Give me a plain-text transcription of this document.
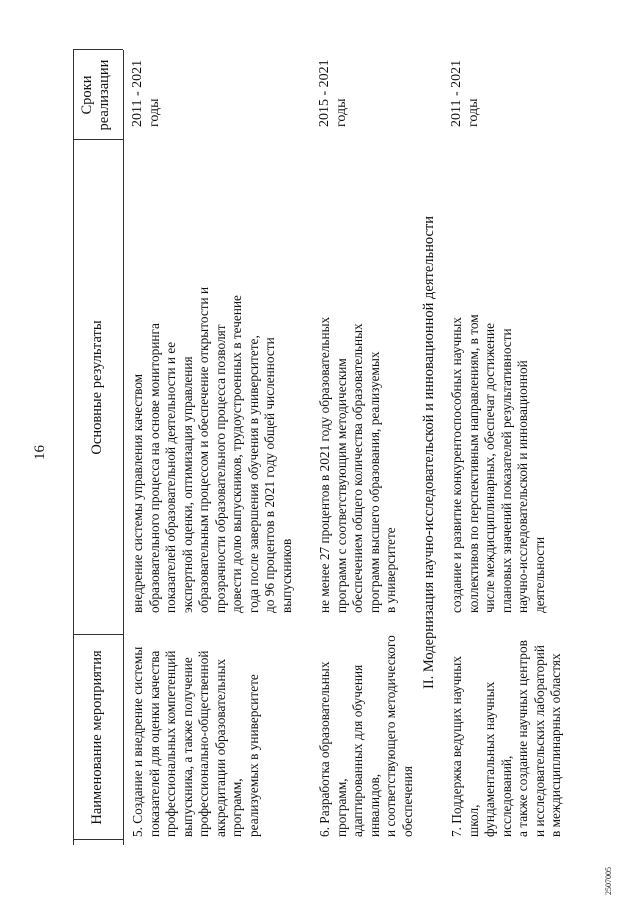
16
Наименование мероприятия
Основные результаты
Сроки
реализации
5. Создание и внедрение системы
показателей для оценки качества
профессиональных компетенций
выпускника, а также получение
профессионально-общественной
аккредитации образовательных программ,
реализуемых в университете
внедрение системы управления качеством
образовательного процесса на основе мониторинга
показателей образовательной деятельности и ее
экспертной оценки, оптимизация управления
образовательным процессом и обеспечение открытости и
прозрачности образовательного процесса позволят
довести долю выпускников, трудоустроенных в течение
года после завершения обучения в университете,
до 96 процентов в 2021 году общей численности
выпускников
2011 - 2021 годы
6. Разработка образовательных программ,
адаптированных для обучения инвалидов,
и соответствующего методического
обеспечения
не менее 27 процентов в 2021 году образовательных
программ с соответствующим методическим
обеспечением общего количества образовательных
программ высшего образования, реализуемых
в университете
2015 - 2021 годы
II. Модернизация научно-исследовательской и инновационной деятельности
7. Поддержка ведущих научных школ,
фундаментальных научных исследований,
а также создание научных центров
и исследовательских лабораторий
в междисциплинарных областях
создание и развитие конкурентоспособных научных
коллективов по перспективным направлениям, в том
числе междисциплинарных, обеспечат достижение
плановых значений показателей результативности
научно-исследовательской и инновационной
деятельности
2011 - 2021 годы
2507005
